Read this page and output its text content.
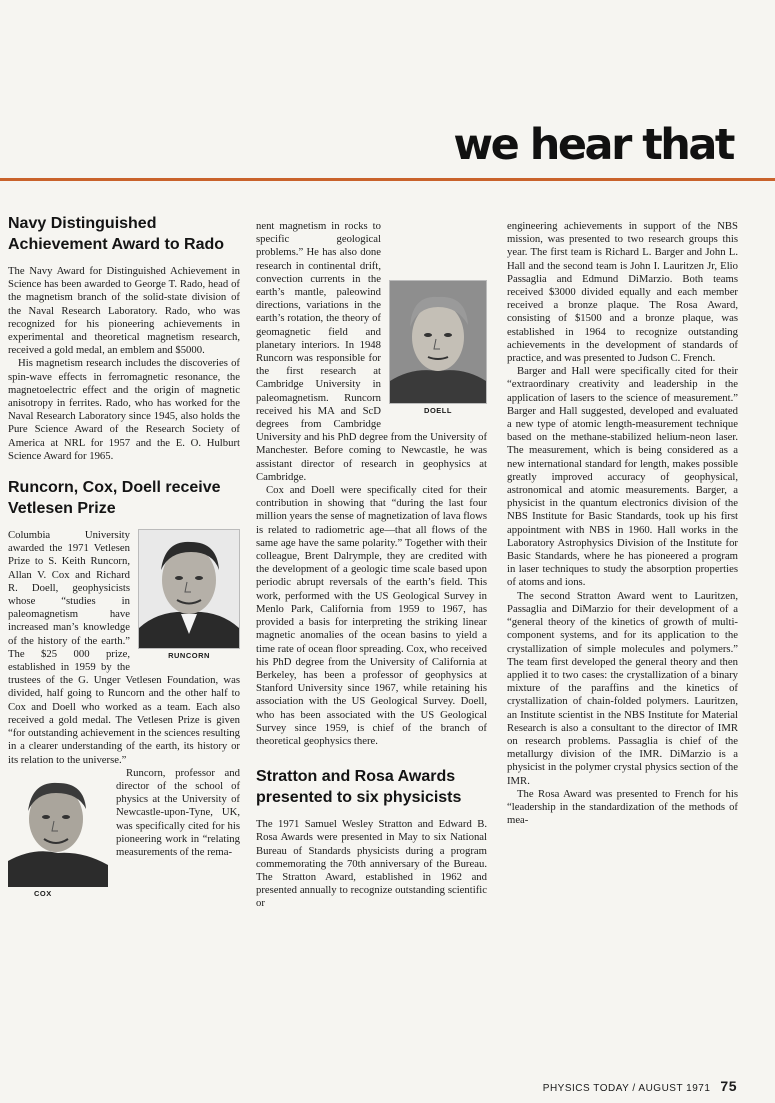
we hear that
Navy Distinguished Achievement Award to Rado

The Navy Award for Distinguished Achievement in Science has been awarded to George T. Rado, head of the magnetism branch of the solid-state division of the Naval Research Laboratory. Rado, who was recognized for his pioneering achievements in experimental and theoretical magnetism research, received a gold medal, an emblem and $5000.

His magnetism research includes the discoveries of spin-wave effects in ferromagnetic resonance, the magnetoelectric effect and the origin of magnetic anisotropy in ferrites. Rado, who has worked for the Naval Research Laboratory since 1945, also holds the Pure Science Award of the Research Society of America at NRL for 1957 and the E. O. Hulburt Science Award for 1965.

Runcorn, Cox, Doell receive Vetlesen Prize
RUNCORN

Columbia University awarded the 1971 Vetlesen Prize to S. Keith Runcorn, Allan V. Cox and Richard R. Doell, geophysicists whose “studies in paleomagnetism have increased man’s knowledge of the history of the earth.” The $25 000 prize, established in 1959 by the trustees of the G. Unger Vetlesen Foundation, was divided, half going to Runcorn and the other half to Cox and Doell who worked as a team. Each also received a gold medal. The Vetlesen Prize is given “for outstanding achievement in the sciences resulting in a clearer understanding of the earth, its history or its relation to the universe.”

COX

Runcorn, professor and director of the school of physics at the University of Newcastle-upon-Tyne, UK, was specifically cited for his pioneering work in “relating measurements of the rema-

DOELL

nent magnetism in rocks to specific geological problems.” He has also done research in continental drift, convection currents in the earth’s mantle, paleowind directions, variations in the earth’s rotation, the theory of geomagnetic field and planetary interiors. In 1948 Runcorn was responsible for the first research at Cambridge University in paleomagnetism. Runcorn received his MA and ScD degrees from Cambridge University and his PhD degree from the University of Manchester. Before coming to Newcastle, he was assistant director of research in geophysics at Cambridge.

Cox and Doell were specifically cited for their contribution in showing that “during the last four million years the sense of magnetization of lava flows is related to radiometric age—that all flows of the same age have the same polarity.” Together with their colleague, Brent Dalrymple, they are credited with the development of a geologic time scale based upon periodic abrupt reversals of the earth’s field. This work, performed with the US Geological Survey in Menlo Park, California from 1959 to 1967, has provided a basis for interpreting the striking linear magnetic anomalies of the ocean basins to yield a time rate of ocean floor spreading. Cox, who received his PhD degree from the University of California at Berkeley, has been a professor of geophysics at Stanford University since 1967, while retaining his association with the US Geological Survey. Doell, who has been associated with the US Geological Survey since 1959, is chief of the branch of theoretical geophysics there.

Stratton and Rosa Awards presented to six physicists

The 1971 Samuel Wesley Stratton and Edward B. Rosa Awards were presented in May to six National Bureau of Standards physicists during a program commemorating the 70th anniversary of the Bureau. The Stratton Award, established in 1962 and presented annually to recognize outstanding scientific or

engineering achievements in support of the NBS mission, was presented to two research groups this year. The first team is Richard L. Barger and John L. Hall and the second team is John I. Lauritzen Jr, Elio Passaglia and Edmund DiMarzio. Both teams received $3000 divided equally and each member received a bronze plaque. The Rosa Award, consisting of $1500 and a bronze plaque, was established in 1964 to recognize outstanding achievements in the development of standards of practice, and was presented to Judson C. French.

Barger and Hall were specifically cited for their “extraordinary creativity and leadership in the application of lasers to the science of measurement.” Barger and Hall suggested, developed and evaluated a new type of atomic length-measurement technique based on the methane-stabilized helium-neon laser. The measurement, which is being considered as a new international standard for length, makes possible greatly improved accuracy of geophysical, astronomical and atomic measurements. Barger, a physicist in the quantum electronics division of the NBS Institute for Basic Standards, took up his first appointment with NBS in 1960. Hall works in the Laboratory Astrophysics Division of the Institute for Basic Standards, where he has pioneered a program in laser techniques to study the absorption properties of atoms and ions.

The second Stratton Award went to Lauritzen, Passaglia and DiMarzio for their development of a “general theory of the kinetics of growth of multi-component systems, and for its application to the crystallization of simple molecules and polymers.” The team first developed the general theory and then applied it to two cases: the crystallization of a binary mixture of the paraffins and the kinetics of crystallization of chain-folded polymers. Lauritzen, an Institute scientist in the NBS Institute for Material Research is also a consultant to the director of IMR on research problems. Passaglia is chief of the metallurgy division of the IMR. DiMarzio is a physicist in the polymer crystal physics section of the IMR.

The Rosa Award was presented to French for his “leadership in the standardization of the methods of mea-

PHYSICS TODAY / AUGUST 1971 75
